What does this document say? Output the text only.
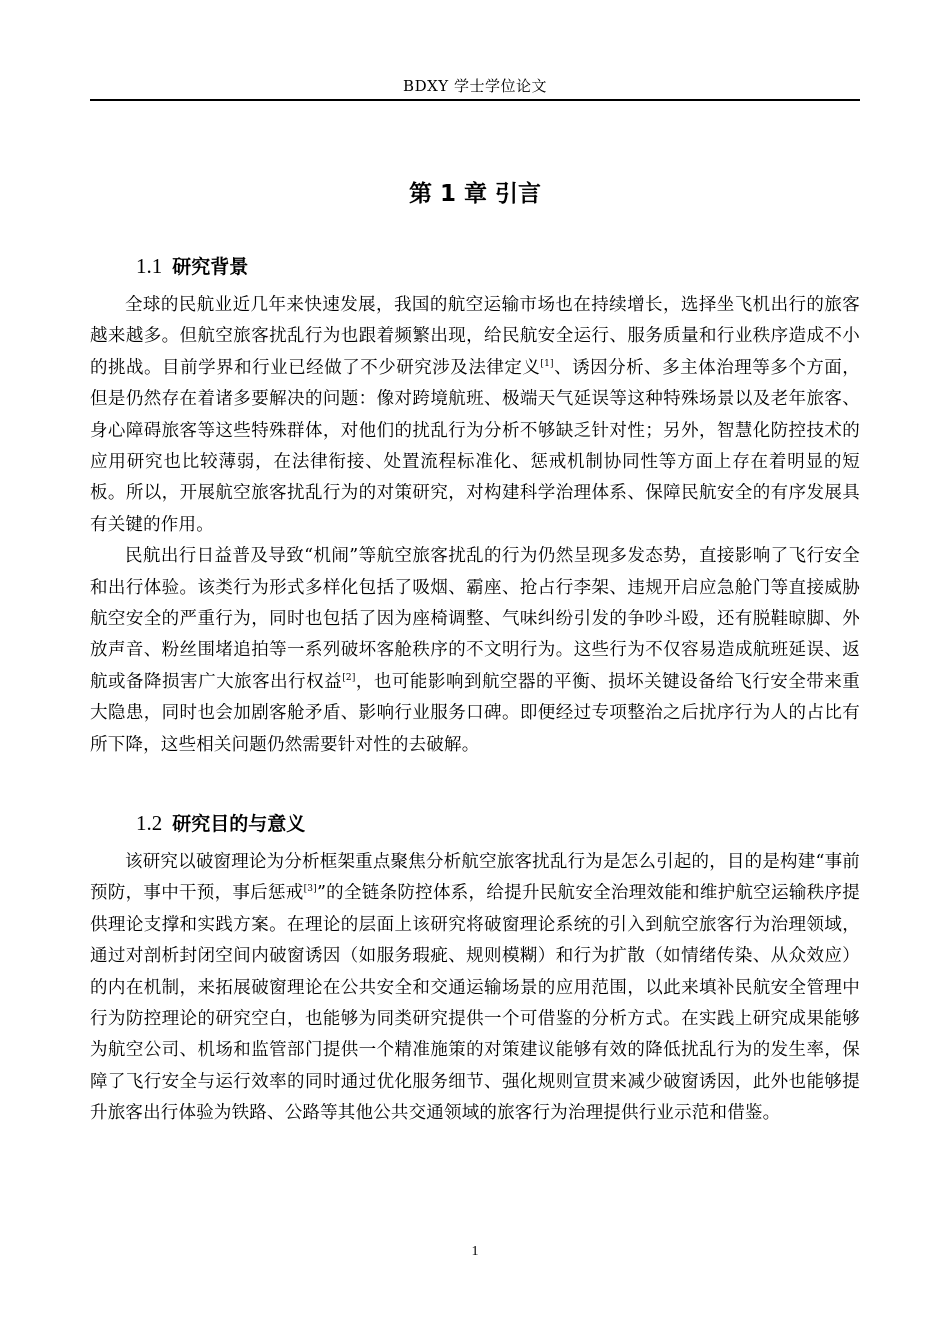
BDXY 学士学位论文
第 1 章 引言
1.1 研究背景

全球的民航业近几年来快速发展，我国的航空运输市场也在持续增长，选择坐飞机出行的旅客越来越多。但航空旅客扰乱行为也跟着频繁出现，给民航安全运行、服务质量和行业秩序造成不小的挑战。目前学界和行业已经做了不少研究涉及法律定义[1]、诱因分析、多主体治理等多个方面，但是仍然存在着诸多要解决的问题：像对跨境航班、极端天气延误等这种特殊场景以及老年旅客、身心障碍旅客等这些特殊群体，对他们的扰乱行为分析不够缺乏针对性；另外，智慧化防控技术的应用研究也比较薄弱，在法律衔接、处置流程标准化、惩戒机制协同性等方面上存在着明显的短板。所以，开展航空旅客扰乱行为的对策研究，对构建科学治理体系、保障民航安全的有序发展具有关键的作用。

民航出行日益普及导致“机闹”等航空旅客扰乱的行为仍然呈现多发态势，直接影响了飞行安全和出行体验。该类行为形式多样化包括了吸烟、霸座、抢占行李架、违规开启应急舱门等直接威胁航空安全的严重行为，同时也包括了因为座椅调整、气味纠纷引发的争吵斗殴，还有脱鞋晾脚、外放声音、粉丝围堵追拍等一系列破坏客舱秩序的不文明行为。这些行为不仅容易造成航班延误、返航或备降损害广大旅客出行权益[2]，也可能影响到航空器的平衡、损坏关键设备给飞行安全带来重大隐患，同时也会加剧客舱矛盾、影响行业服务口碑。即便经过专项整治之后扰序行为人的占比有所下降，这些相关问题仍然需要针对性的去破解。

1.2 研究目的与意义

该研究以破窗理论为分析框架重点聚焦分析航空旅客扰乱行为是怎么引起的，目的是构建“事前预防，事中干预，事后惩戒[3]”的全链条防控体系，给提升民航安全治理效能和维护航空运输秩序提供理论支撑和实践方案。在理论的层面上该研究将破窗理论系统的引入到航空旅客行为治理领域，通过对剖析封闭空间内破窗诱因（如服务瑕疵、规则模糊）和行为扩散（如情绪传染、从众效应）的内在机制，来拓展破窗理论在公共安全和交通运输场景的应用范围，以此来填补民航安全管理中行为防控理论的研究空白，也能够为同类研究提供一个可借鉴的分析方式。在实践上研究成果能够为航空公司、机场和监管部门提供一个精准施策的对策建议能够有效的降低扰乱行为的发生率，保障了飞行安全与运行效率的同时通过优化服务细节、强化规则宣贯来减少破窗诱因，此外也能够提升旅客出行体验为铁路、公路等其他公共交通领域的旅客行为治理提供行业示范和借鉴。

1
